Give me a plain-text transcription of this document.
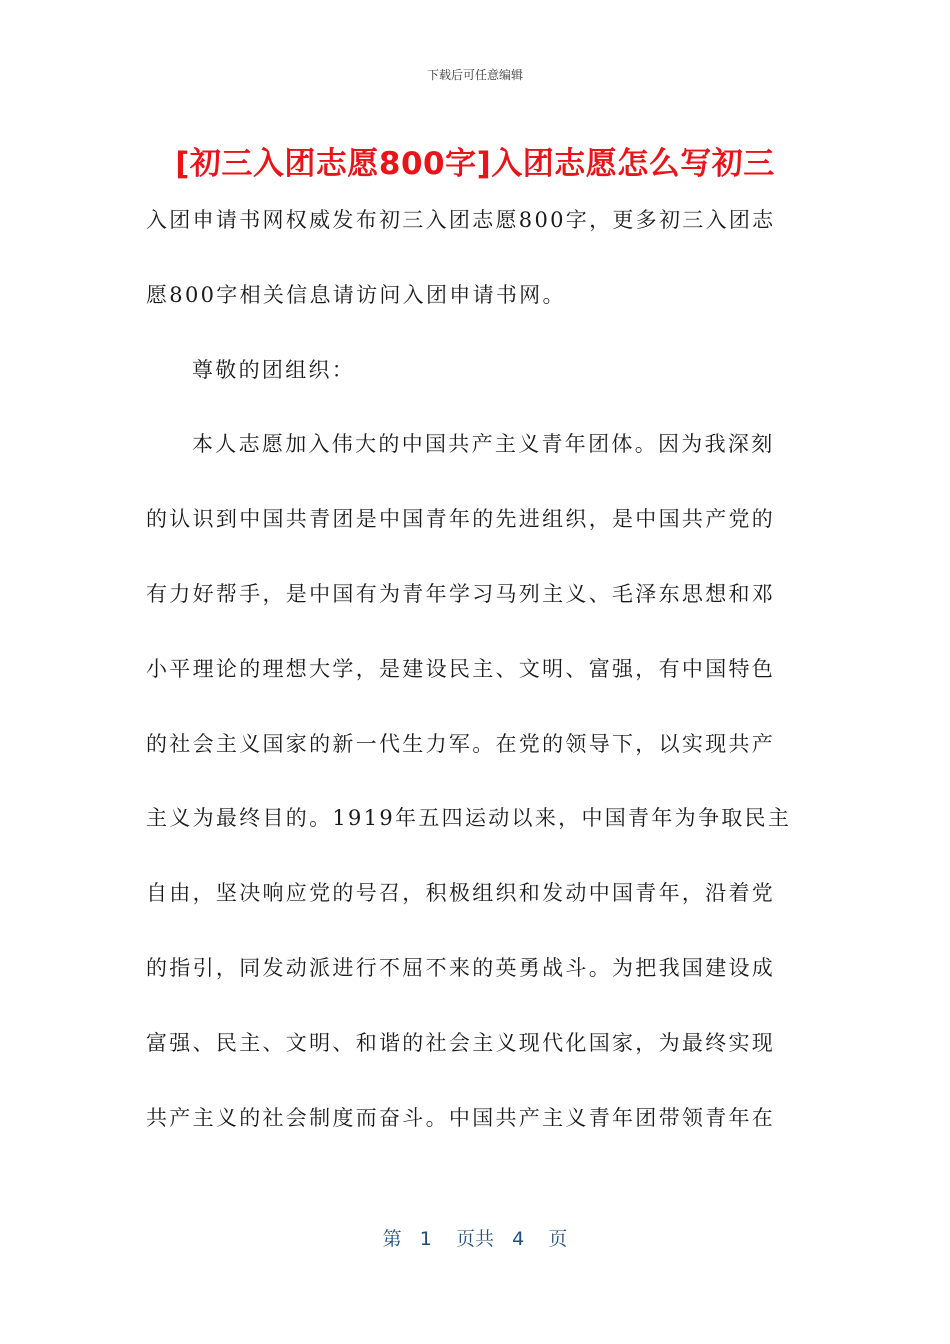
下载后可任意编辑
[初三入团志愿800字]入团志愿怎么写初三
入团申请书网权威发布初三入团志愿800字，更多初三入团志
愿800字相关信息请访问入团申请书网。
尊敬的团组织：
本人志愿加入伟大的中国共产主义青年团体。因为我深刻
的认识到中国共青团是中国青年的先进组织，是中国共产党的
有力好帮手，是中国有为青年学习马列主义、毛泽东思想和邓
小平理论的理想大学，是建设民主、文明、富强，有中国特色
的社会主义国家的新一代生力军。在党的领导下，以实现共产
主义为最终目的。1919年五四运动以来，中国青年为争取民主
自由，坚决响应党的号召，积极组织和发动中国青年，沿着党
的指引，同发动派进行不屈不来的英勇战斗。为把我国建设成
富强、民主、文明、和谐的社会主义现代化国家，为最终实现
共产主义的社会制度而奋斗。中国共产主义青年团带领青年在
第 1 页共 4 页
